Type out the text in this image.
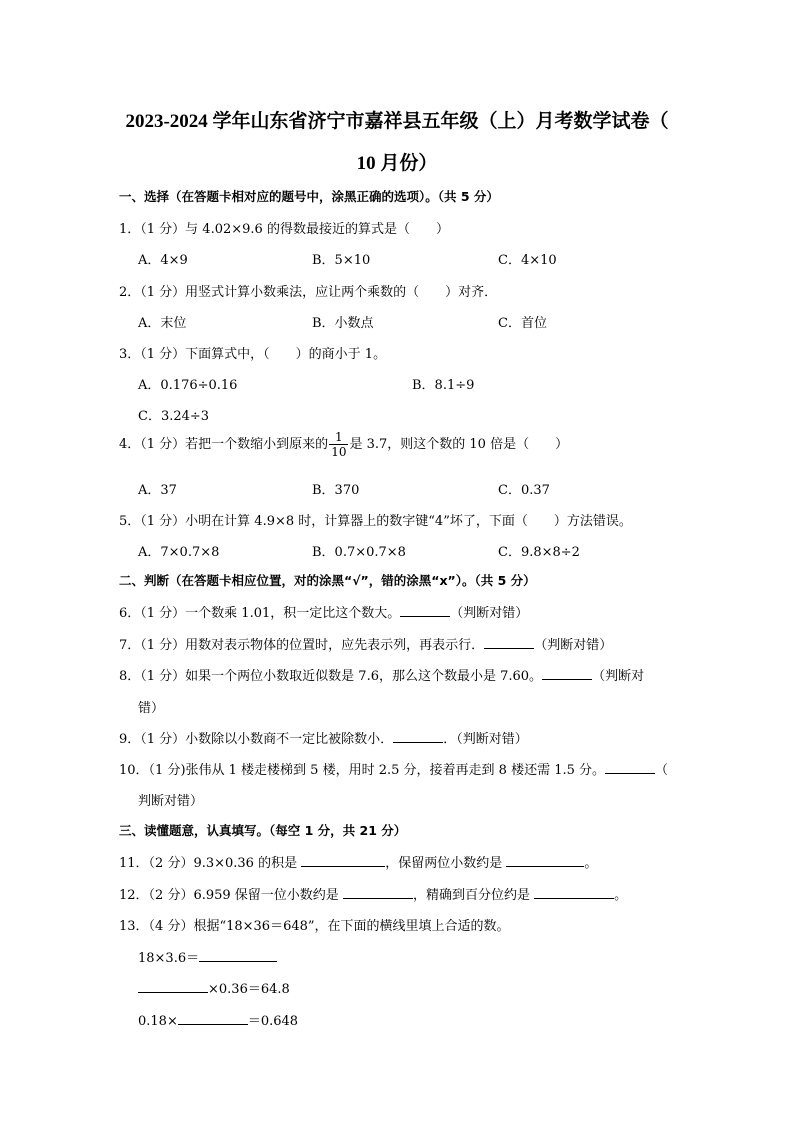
2023-2024 学年山东省济宁市嘉祥县五年级（上）月考数学试卷（
10 月份）
一、选择（在答题卡相对应的题号中，涂黑正确的选项）。（共 5 分）
1．（1 分）与 4.02×9.6 的得数最接近的算式是（　　）
A．4×9	B．5×10	C．4×10
2．（1 分）用竖式计算小数乘法，应让两个乘数的（　　）对齐．
A．末位	B．小数点	C．首位
3．（1 分）下面算式中，（　　）的商小于 1。
A．0.176÷0.16	B．8.1÷9
C．3.24÷3
4．（1 分）若把一个数缩小到原来的 $\frac{1}{10}$ 是 3.7，则这个数的 10 倍是（　　）
A．37	B．370	C．0.37
5．（1 分）小明在计算 4.9×8 时，计算器上的数字键“4”坏了，下面（　　）方法错误。
A．7×0.7×8	B．0.7×0.7×8	C．9.8×8÷2
二、判断（在答题卡相应位置，对的涂黑“√”，错的涂黑“x”）。（共 5 分）
6．（1 分）一个数乘 1.01，积一定比这个数大。	（判断对错）
7．（1 分）用数对表示物体的位置时，应先表示列，再表示行．	（判断对错）
8．（1 分）如果一个两位小数取近似数是 7.6，那么这个数最小是 7.60。	（判断对
错）
9．（1 分）小数除以小数商不一定比被除数小．	．（判断对错）
10．（1 分)张伟从 1 楼走楼梯到 5 楼，用时 2.5 分，接着再走到 8 楼还需 1.5 分。	（
判断对错）
三、读懂题意，认真填写。（每空 1 分，共 21 分）
11．（2 分）9.3×0.36 的积是	，保留两位小数约是	。
12．（2 分）6.959 保留一位小数约是	，精确到百分位约是	。
13．（4 分）根据“18×36＝648”，在下面的横线里填上合适的数。
18×3.6＝
×0.36＝64.8
0.18×	＝0.648
